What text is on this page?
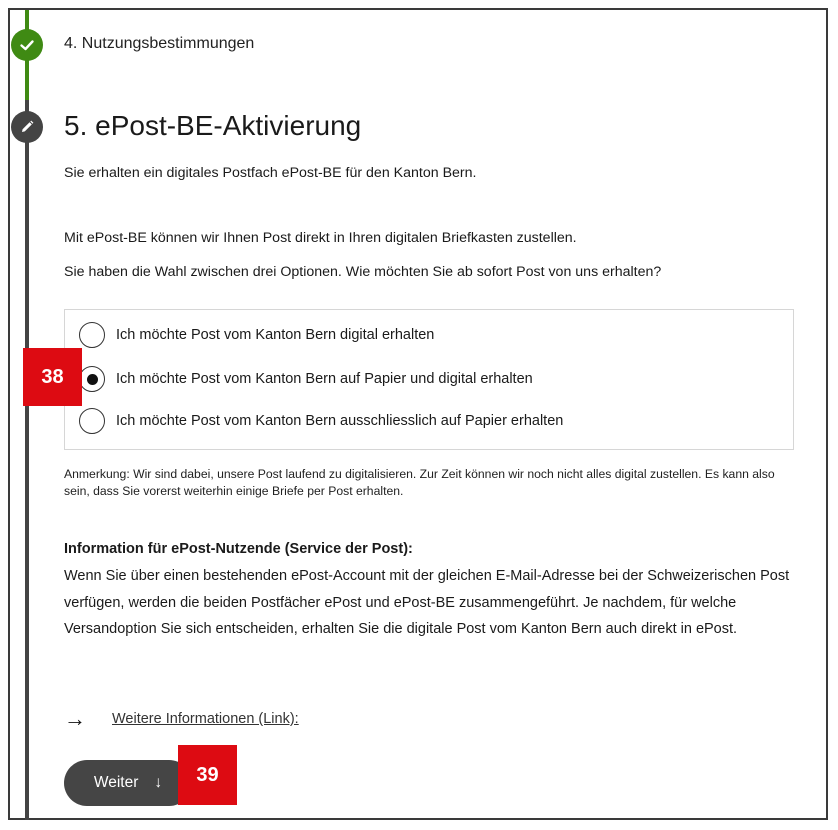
4. Nutzungsbestimmungen
5. ePost-BE-Aktivierung
Sie erhalten ein digitales Postfach ePost-BE für den Kanton Bern.
Mit ePost-BE können wir Ihnen Post direkt in Ihren digitalen Briefkasten zustellen.
Sie haben die Wahl zwischen drei Optionen. Wie möchten Sie ab sofort Post von uns erhalten?
Ich möchte Post vom Kanton Bern digital erhalten
Ich möchte Post vom Kanton Bern auf Papier und digital erhalten
Ich möchte Post vom Kanton Bern ausschliesslich auf Papier erhalten
38
Anmerkung: Wir sind dabei, unsere Post laufend zu digitalisieren. Zur Zeit können wir noch nicht alles digital zustellen. Es kann also sein, dass Sie vorerst weiterhin einige Briefe per Post erhalten.
Information für ePost-Nutzende (Service der Post):
Wenn Sie über einen bestehenden ePost-Account mit der gleichen E-Mail-Adresse bei der Schweizerischen Post verfügen, werden die beiden Postfächer ePost und ePost-BE zusammengeführt. Je nachdem, für welche Versandoption Sie sich entscheiden, erhalten Sie die digitale Post vom Kanton Bern auch direkt in ePost.
→ Weitere Informationen (Link):
Weiter ↓	39
